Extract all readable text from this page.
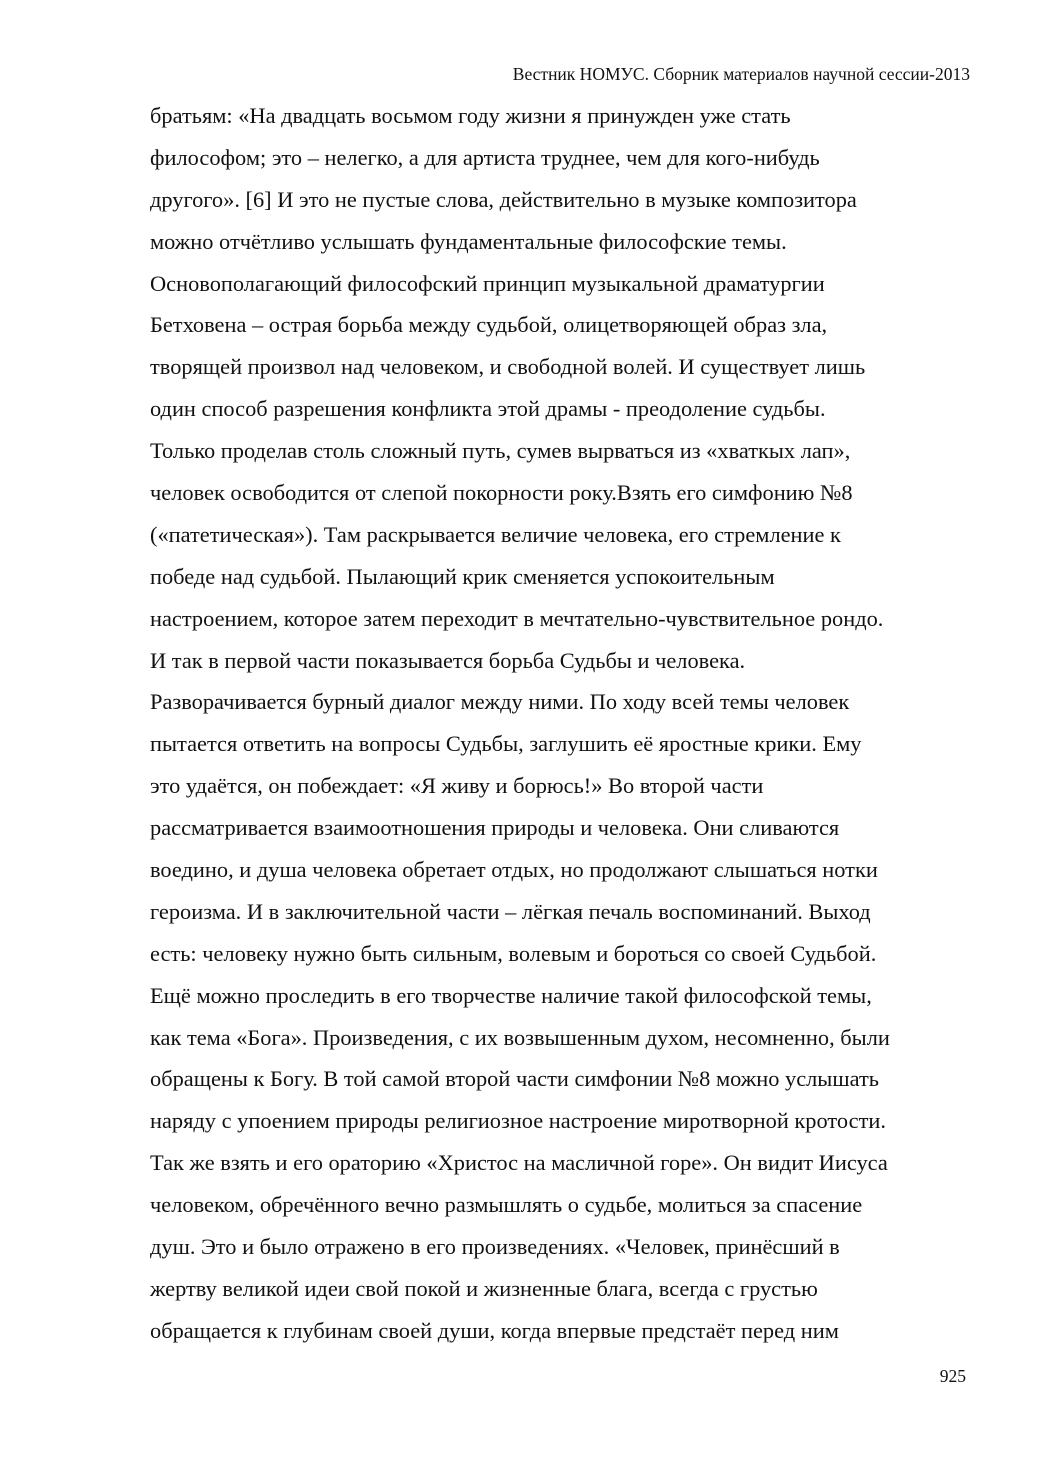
Вестник НОМУС. Сборник материалов научной сессии-2013
братьям: «На двадцать восьмом году жизни я принужден уже стать
философом; это – нелегко, а для артиста труднее, чем для кого-нибудь
другого». [6] И это не пустые слова, действительно в музыке композитора
можно отчётливо услышать фундаментальные философские темы.
Основополагающий философский принцип музыкальной драматургии
Бетховена – острая борьба между судьбой, олицетворяющей образ зла,
творящей произвол над человеком, и свободной волей. И существует лишь
один способ разрешения конфликта этой драмы - преодоление судьбы.
Только проделав столь сложный путь, сумев вырваться из «хваткых лап»,
человек освободится от слепой покорности року.Взять его симфонию №8
(«патетическая»). Там раскрывается величие человека, его стремление к
победе над судьбой. Пылающий крик сменяется успокоительным
настроением, которое затем переходит в мечтательно-чувствительное рондо.
И так в первой части показывается борьба Судьбы и человека.
Разворачивается бурный диалог между ними. По ходу всей темы человек
пытается ответить на вопросы Судьбы, заглушить её яростные крики. Ему
это удаётся, он побеждает: «Я живу и борюсь!» Во второй части
рассматривается взаимоотношения природы и человека. Они сливаются
воедино, и душа человека обретает отдых, но продолжают слышаться нотки
героизма. И в заключительной части – лёгкая печаль воспоминаний. Выход
есть: человеку нужно быть сильным, волевым и бороться со своей Судьбой.
Ещё можно проследить в его творчестве наличие такой философской темы,
как тема «Бога». Произведения, с их возвышенным духом, несомненно, были
обращены к Богу. В той самой второй части симфонии №8 можно услышать
наряду с упоением природы религиозное настроение миротворной кротости.
Так же взять и его ораторию «Христос на масличной горе». Он видит Иисуса
человеком, обречённого вечно размышлять о судьбе, молиться за спасение
душ. Это и было отражено в его произведениях. «Человек, принёсший в
жертву великой идеи свой покой и жизненные блага, всегда с грустью
обращается к глубинам своей души, когда впервые предстаёт перед ним
925
